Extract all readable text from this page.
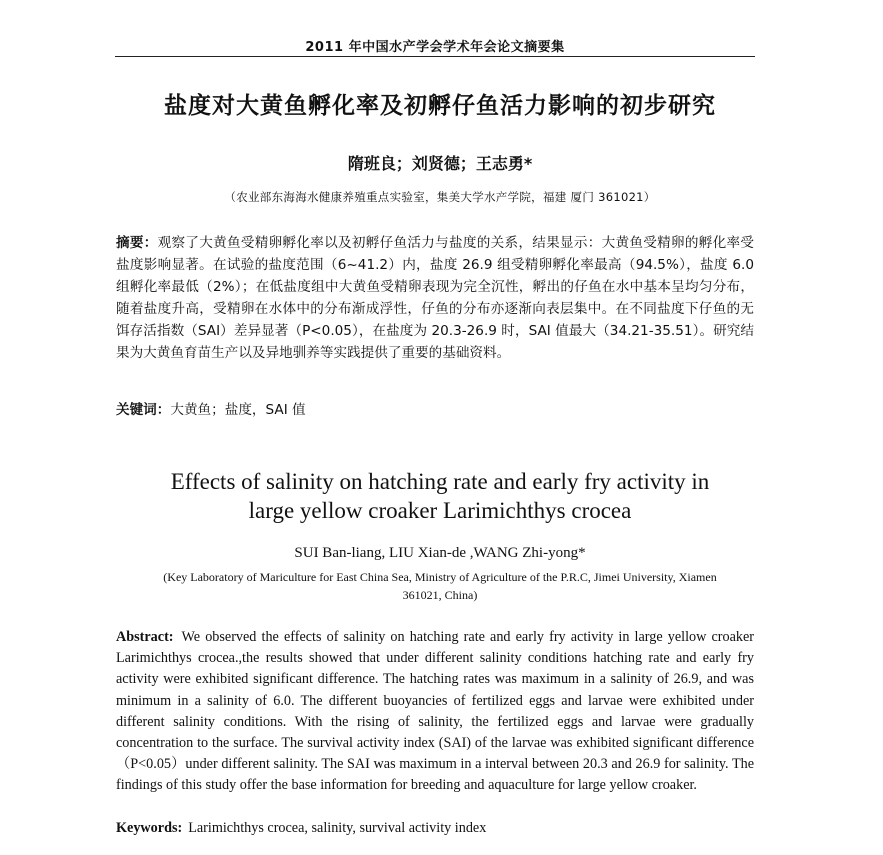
2011 年中国水产学会学术年会论文摘要集
盐度对大黄鱼孵化率及初孵仔鱼活力影响的初步研究
隋班良；刘贤德；王志勇*
（农业部东海海水健康养殖重点实验室，集美大学水产学院，福建 厦门 361021）
摘要：观察了大黄鱼受精卵孵化率以及初孵仔鱼活力与盐度的关系，结果显示：大黄鱼受精卵的孵化率受盐度影响显著。在试验的盐度范围（6~41.2）内，盐度 26.9 组受精卵孵化率最高（94.5%），盐度 6.0 组孵化率最低（2%）；在低盐度组中大黄鱼受精卵表现为完全沉性，孵出的仔鱼在水中基本呈均匀分布，随着盐度升高，受精卵在水体中的分布渐成浮性，仔鱼的分布亦逐渐向表层集中。在不同盐度下仔鱼的无饵存活指数（SAI）差异显著（P<0.05），在盐度为 20.3-26.9 时，SAI 值最大（34.21-35.51）。研究结果为大黄鱼育苗生产以及异地驯养等实践提供了重要的基础资料。
关键词：大黄鱼；盐度，SAI 值
Effects of salinity on hatching rate and early fry activity in
large yellow croaker Larimichthys crocea
SUI Ban-liang, LIU Xian-de ,WANG Zhi-yong*
(Key Laboratory of Mariculture for East China Sea, Ministry of Agriculture of the P.R.C, Jimei University, Xiamen
361021, China)
Abstract: We observed the effects of salinity on hatching rate and early fry activity in large yellow croaker Larimichthys crocea.,the results showed that under different salinity conditions hatching rate and early fry activity were exhibited significant difference. The hatching rates was maximum in a salinity of 26.9, and was minimum in a salinity of 6.0. The different buoyancies of fertilized eggs and larvae were exhibited under different salinity conditions. With the rising of salinity, the fertilized eggs and larvae were gradually concentration to the surface. The survival activity index (SAI) of the larvae was exhibited significant difference（P<0.05）under different salinity. The SAI was maximum in a interval between 20.3 and 26.9 for salinity. The findings of this study offer the base information for breeding and aquaculture for large yellow croaker.
Keywords: Larimichthys crocea, salinity, survival activity index
